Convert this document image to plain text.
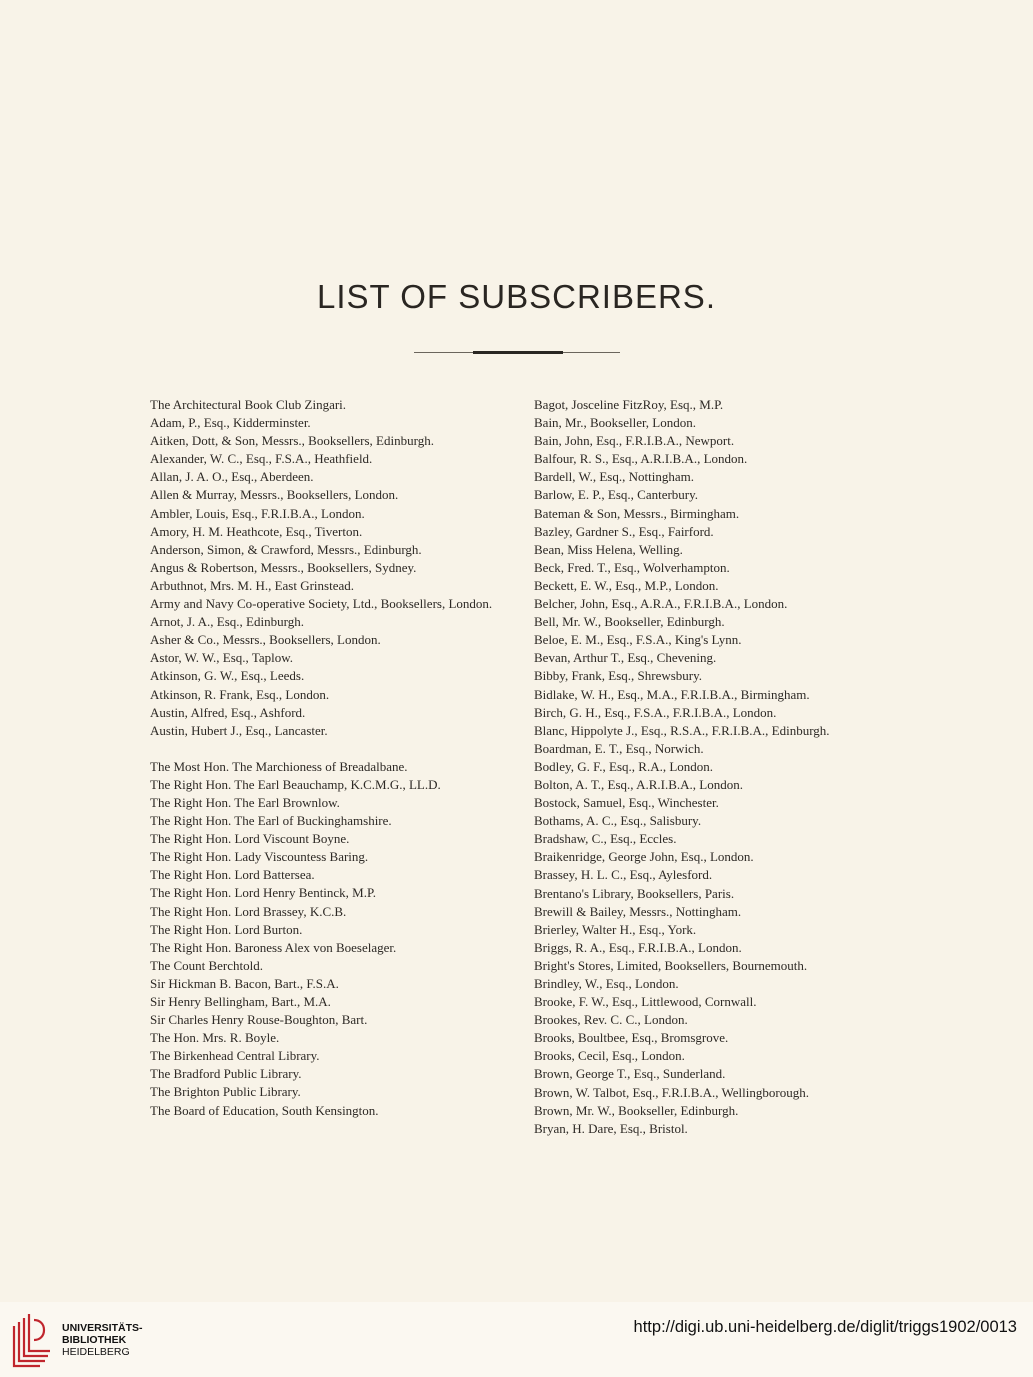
LIST OF SUBSCRIBERS.
The Architectural Book Club Zingari.
Adam, P., Esq., Kidderminster.
Aitken, Dott, & Son, Messrs., Booksellers, Edinburgh.
Alexander, W. C., Esq., F.S.A., Heathfield.
Allan, J. A. O., Esq., Aberdeen.
Allen & Murray, Messrs., Booksellers, London.
Ambler, Louis, Esq., F.R.I.B.A., London.
Amory, H. M. Heathcote, Esq., Tiverton.
Anderson, Simon, & Crawford, Messrs., Edinburgh.
Angus & Robertson, Messrs., Booksellers, Sydney.
Arbuthnot, Mrs. M. H., East Grinstead.
Army and Navy Co-operative Society, Ltd., Booksellers, London.
Arnot, J. A., Esq., Edinburgh.
Asher & Co., Messrs., Booksellers, London.
Astor, W. W., Esq., Taplow.
Atkinson, G. W., Esq., Leeds.
Atkinson, R. Frank, Esq., London.
Austin, Alfred, Esq., Ashford.
Austin, Hubert J., Esq., Lancaster.
The Most Hon. The Marchioness of Breadalbane.
The Right Hon. The Earl Beauchamp, K.C.M.G., LL.D.
The Right Hon. The Earl Brownlow.
The Right Hon. The Earl of Buckinghamshire.
The Right Hon. Lord Viscount Boyne.
The Right Hon. Lady Viscountess Baring.
The Right Hon. Lord Battersea.
The Right Hon. Lord Henry Bentinck, M.P.
The Right Hon. Lord Brassey, K.C.B.
The Right Hon. Lord Burton.
The Right Hon. Baroness Alex von Boeselager.
The Count Berchtold.
Sir Hickman B. Bacon, Bart., F.S.A.
Sir Henry Bellingham, Bart., M.A.
Sir Charles Henry Rouse-Boughton, Bart.
The Hon. Mrs. R. Boyle.
The Birkenhead Central Library.
The Bradford Public Library.
The Brighton Public Library.
The Board of Education, South Kensington.
Bagot, Josceline FitzRoy, Esq., M.P.
Bain, Mr., Bookseller, London.
Bain, John, Esq., F.R.I.B.A., Newport.
Balfour, R. S., Esq., A.R.I.B.A., London.
Bardell, W., Esq., Nottingham.
Barlow, E. P., Esq., Canterbury.
Bateman & Son, Messrs., Birmingham.
Bazley, Gardner S., Esq., Fairford.
Bean, Miss Helena, Welling.
Beck, Fred. T., Esq., Wolverhampton.
Beckett, E. W., Esq., M.P., London.
Belcher, John, Esq., A.R.A., F.R.I.B.A., London.
Bell, Mr. W., Bookseller, Edinburgh.
Beloe, E. M., Esq., F.S.A., King's Lynn.
Bevan, Arthur T., Esq., Chevening.
Bibby, Frank, Esq., Shrewsbury.
Bidlake, W. H., Esq., M.A., F.R.I.B.A., Birmingham.
Birch, G. H., Esq., F.S.A., F.R.I.B.A., London.
Blanc, Hippolyte J., Esq., R.S.A., F.R.I.B.A., Edinburgh.
Boardman, E. T., Esq., Norwich.
Bodley, G. F., Esq., R.A., London.
Bolton, A. T., Esq., A.R.I.B.A., London.
Bostock, Samuel, Esq., Winchester.
Bothams, A. C., Esq., Salisbury.
Bradshaw, C., Esq., Eccles.
Braikenridge, George John, Esq., London.
Brassey, H. L. C., Esq., Aylesford.
Brentano's Library, Booksellers, Paris.
Brewill & Bailey, Messrs., Nottingham.
Brierley, Walter H., Esq., York.
Briggs, R. A., Esq., F.R.I.B.A., London.
Bright's Stores, Limited, Booksellers, Bournemouth.
Brindley, W., Esq., London.
Brooke, F. W., Esq., Littlewood, Cornwall.
Brookes, Rev. C. C., London.
Brooks, Boultbee, Esq., Bromsgrove.
Brooks, Cecil, Esq., London.
Brown, George T., Esq., Sunderland.
Brown, W. Talbot, Esq., F.R.I.B.A., Wellingborough.
Brown, Mr. W., Bookseller, Edinburgh.
Bryan, H. Dare, Esq., Bristol.
UNIVERSITÄTS-
BIBLIOTHEK
HEIDELBERG
http://digi.ub.uni-heidelberg.de/diglit/triggs1902/0013
